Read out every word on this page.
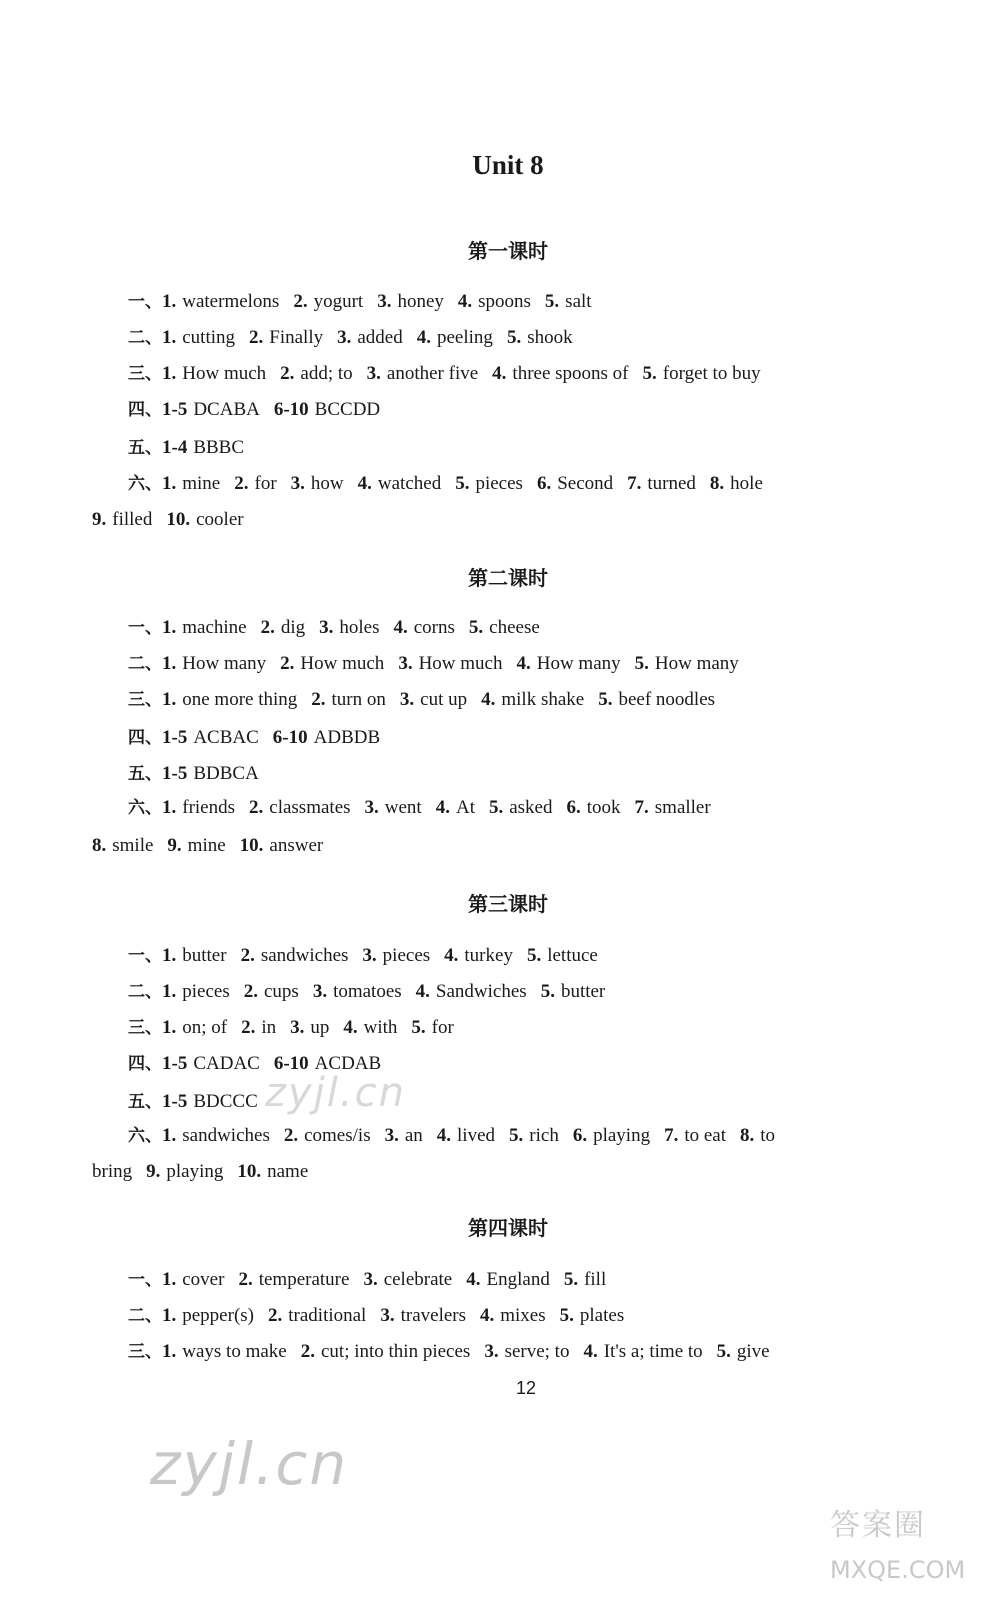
Unit 8
第一课时
一、1. watermelons 2. yogurt 3. honey 4. spoons 5. salt
二、1. cutting 2. Finally 3. added 4. peeling 5. shook
三、1. How much 2. add; to 3. another five 4. three spoons of 5. forget to buy
四、1-5 DCABA 6-10 BCCDD
五、1-4 BBBC
六、1. mine 2. for 3. how 4. watched 5. pieces 6. Second 7. turned 8. hole
9. filled 10. cooler
第二课时
一、1. machine 2. dig 3. holes 4. corns 5. cheese
二、1. How many 2. How much 3. How much 4. How many 5. How many
三、1. one more thing 2. turn on 3. cut up 4. milk shake 5. beef noodles
四、1-5 ACBAC 6-10 ADBDB
五、1-5 BDBCA
六、1. friends 2. classmates 3. went 4. At 5. asked 6. took 7. smaller
8. smile 9. mine 10. answer
第三课时
一、1. butter 2. sandwiches 3. pieces 4. turkey 5. lettuce
二、1. pieces 2. cups 3. tomatoes 4. Sandwiches 5. butter
三、1. on; of 2. in 3. up 4. with 5. for
四、1-5 CADAC 6-10 ACDAB
五、1-5 BDCCC
六、1. sandwiches 2. comes/is 3. an 4. lived 5. rich 6. playing 7. to eat 8. to
bring 9. playing 10. name
第四课时
一、1. cover 2. temperature 3. celebrate 4. England 5. fill
二、1. pepper(s) 2. traditional 3. travelers 4. mixes 5. plates
三、1. ways to make 2. cut; into thin pieces 3. serve; to 4. It's a; time to 5. give
12
zyjl.cn
zyjl.cn
答案圈
MXQE.COM
